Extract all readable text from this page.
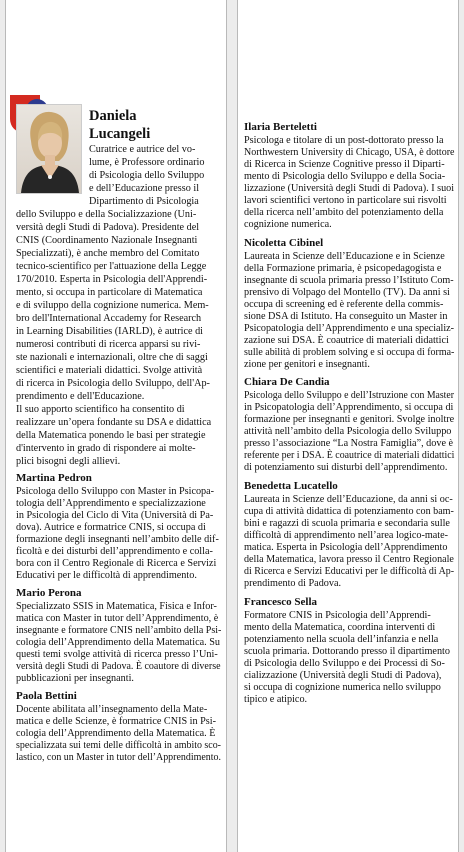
Daniela
Lucangeli
Curatrice e autrice del vo-
lume, è Professore ordinario
di Psicologia dello Sviluppo
e dell’Educazione presso il
Dipartimento di Psicologia
dello Sviluppo e della Socializzazione (Uni-
versità degli Studi di Padova). Presidente del
CNIS (Coordinamento Nazionale Insegnanti
Specializzati), è anche membro del Comitato
tecnico-scientifico per l'attuazione della Legge
170/2010. Esperta in Psicologia dell'Apprendi-
mento, si occupa in particolare di Matematica
e di sviluppo della cognizione numerica. Mem-
bro dell'International Accademy for Research
in Learning Disabilities (IARLD), è autrice di
numerosi contributi di ricerca apparsi su rivi-
ste nazionali e internazionali, oltre che di saggi
scientifici e materiali didattici. Svolge attività
di ricerca in Psicologia dello Sviluppo, dell'Ap-
prendimento e dell'Educazione.
Il suo apporto scientifico ha consentito di
realizzare un’opera fondante su DSA e didattica
della Matematica ponendo le basi per strategie
d'intervento in grado di rispondere ai molte-
plici bisogni degli allievi.
Martina Pedron
Psicologa dello Sviluppo con Master in Psicopa-
tologia dell’Apprendimento e specializzazione
in Psicologia del Ciclo di Vita (Università di Pa-
dova). Autrice e formatrice CNIS, si occupa di
formazione degli insegnanti nell’ambito delle dif-
ficoltà e dei disturbi dell’apprendimento e colla-
bora con il Centro Regionale di Ricerca e Servizi
Educativi per le difficoltà di apprendimento.
Mario Perona
Specializzato SSIS in Matematica, Fisica e Infor-
matica con Master in tutor dell’Apprendimento, è
insegnante e formatore CNIS nell’ambito della Psi-
cologia dell’Apprendimento della Matematica. Su
questi temi svolge attività di ricerca presso l’Uni-
versità degli Studi di Padova. È coautore di diverse
pubblicazioni per insegnanti.
Paola Bettini
Docente abilitata all’insegnamento della Mate-
matica e delle Scienze, è formatrice CNIS in Psi-
cologia dell’Apprendimento della Matematica. È
specializzata sui temi delle difficoltà in ambito sco-
lastico, con un Master in tutor dell’Apprendimento.
Ilaria Berteletti
Psicologa e titolare di un post-dottorato presso la
Northwestern University di Chicago, USA, è dottore
di Ricerca in Scienze Cognitive presso il Diparti-
mento di Psicologia dello Sviluppo e della Socia-
lizzazione (Università degli Studi di Padova). I suoi
lavori scientifici vertono in particolare sui risvolti
della ricerca nell’ambito del potenziamento della
cognizione numerica.
Nicoletta Cibinel
Laureata in Scienze dell’Educazione e in Scienze
della Formazione primaria, è psicopedagogista e
insegnante di scuola primaria presso l’Istituto Com-
prensivo di Volpago del Montello (TV). Da anni si
occupa di screening ed è referente della commis-
sione DSA di Istituto. Ha conseguito un Master in
Psicopatologia dell’Apprendimento e una specializ-
zazione sui DSA. È coautrice di materiali didattici
sulle abilità di problem solving e si occupa di forma-
zione per genitori e insegnanti.
Chiara De Candia
Psicologa dello Sviluppo e dell’Istruzione con Master
in Psicopatologia dell’Apprendimento, si occupa di
formazione per insegnanti e genitori. Svolge inoltre
attività nell’ambito della Psicologia dello Sviluppo
presso l’associazione “La Nostra Famiglia”, dove è
referente per i DSA. È coautrice di materiali didattici
di potenziamento sui disturbi dell’apprendimento.
Benedetta Lucatello
Laureata in Scienze dell’Educazione, da anni si oc-
cupa di attività didattica di potenziamento con bam-
bini e ragazzi di scuola primaria e secondaria sulle
difficoltà di apprendimento nell’area logico-mate-
matica. Esperta in Psicologia dell’Apprendimento
della Matematica, lavora presso il Centro Regionale
di Ricerca e Servizi Educativi per le difficoltà di Ap-
prendimento di Padova.
Francesco Sella
Formatore CNIS in Psicologia dell’Apprendi-
mento della Matematica, coordina interventi di
potenziamento nella scuola dell’infanzia e nella
scuola primaria. Dottorando presso il dipartimento
di Psicologia dello Sviluppo e dei Processi di So-
cializzazione (Università degli Studi di Padova),
si occupa di cognizione numerica nello sviluppo
tipico e atipico.
